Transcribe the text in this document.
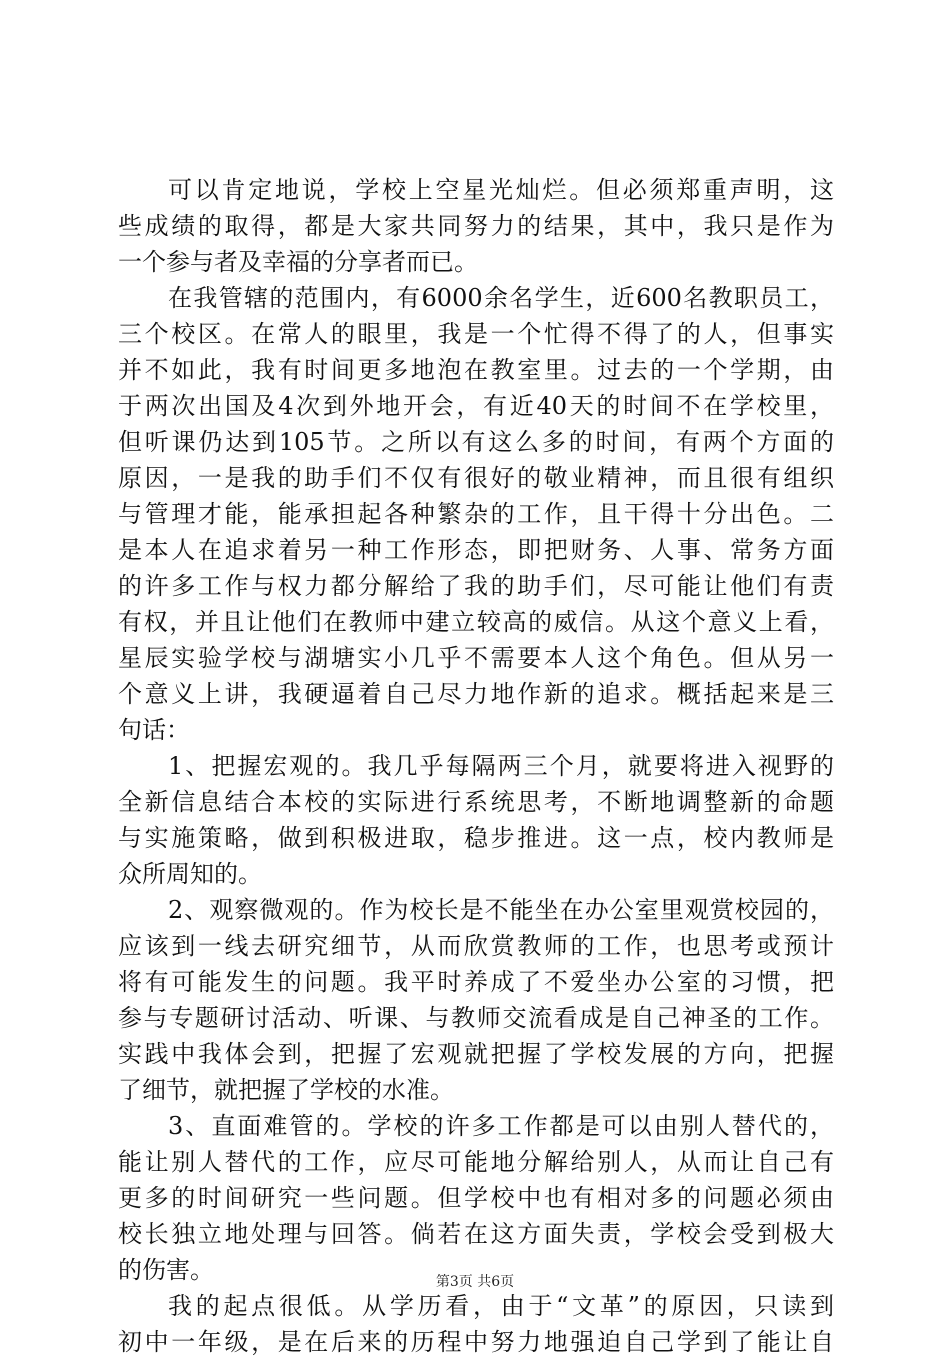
可以肯定地说，学校上空星光灿烂。但必须郑重声明，这
些成绩的取得，都是大家共同努力的结果，其中，我只是作为
一个参与者及幸福的分享者而已。
在我管辖的范围内，有6000余名学生，近600名教职员工，
三个校区。在常人的眼里，我是一个忙得不得了的人，但事实
并不如此，我有时间更多地泡在教室里。过去的一个学期，由
于两次出国及4次到外地开会，有近40天的时间不在学校里，
但听课仍达到105节。之所以有这么多的时间，有两个方面的
原因，一是我的助手们不仅有很好的敬业精神，而且很有组织
与管理才能，能承担起各种繁杂的工作，且干得十分出色。二
是本人在追求着另一种工作形态，即把财务、人事、常务方面
的许多工作与权力都分解给了我的助手们，尽可能让他们有责
有权，并且让他们在教师中建立较高的威信。从这个意义上看，
星辰实验学校与湖塘实小几乎不需要本人这个角色。但从另一
个意义上讲，我硬逼着自己尽力地作新的追求。概括起来是三
句话：
1、把握宏观的。我几乎每隔两三个月，就要将进入视野的
全新信息结合本校的实际进行系统思考，不断地调整新的命题
与实施策略，做到积极进取，稳步推进。这一点，校内教师是
众所周知的。
2、观察微观的。作为校长是不能坐在办公室里观赏校园的，
应该到一线去研究细节，从而欣赏教师的工作，也思考或预计
将有可能发生的问题。我平时养成了不爱坐办公室的习惯，把
参与专题研讨活动、听课、与教师交流看成是自己神圣的工作。
实践中我体会到，把握了宏观就把握了学校发展的方向，把握
了细节，就把握了学校的水准。
3、直面难管的。学校的许多工作都是可以由别人替代的，
能让别人替代的工作，应尽可能地分解给别人，从而让自己有
更多的时间研究一些问题。但学校中也有相对多的问题必须由
校长独立地处理与回答。倘若在这方面失责，学校会受到极大
的伤害。
我的起点很低。从学历看，由于“文革”的原因，只读到
初中一年级，是在后来的历程中努力地强迫自己学到了能让自
第3页 共6页
